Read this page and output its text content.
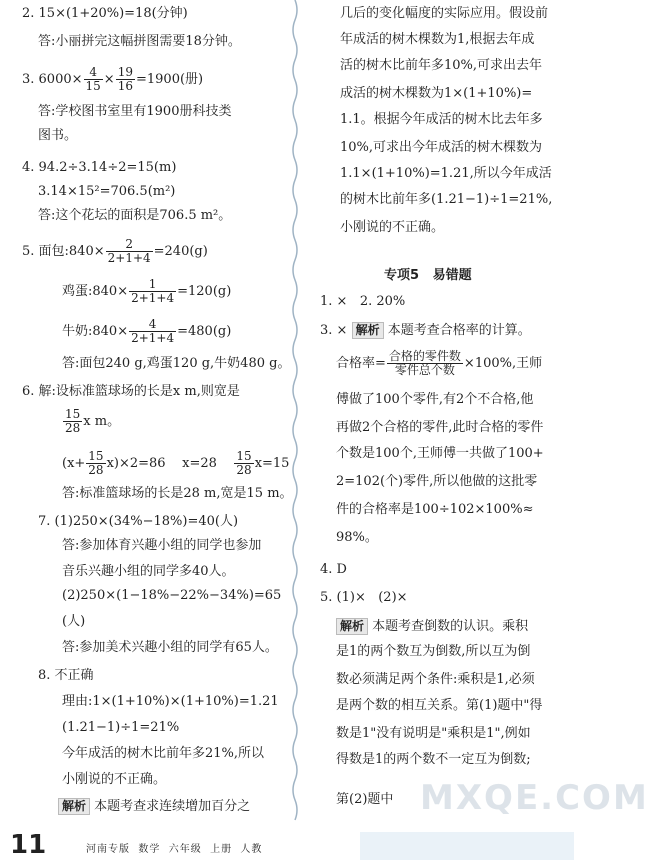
2. 15×(1+20%)=18(分钟)
答:小丽拼完这幅拼图需要18分钟。
3. $6000\times \frac{4}{15} \times \frac{19}{16} =1900$(册)
答:学校图书室里有1900册科技类
图书。
4. 94.2÷3.14÷2=15(m)
3.14×15²=706.5(m²)
答:这个花坛的面积是706.5 m²。
5. 面包:840× $\frac{2}{2+1+4} =240(g)$
鸡蛋:840× $\frac{1}{2+1+4} =120(g)$
牛奶:840× $\frac{4}{2+1+4} =480(g)$
答:面包240 g,鸡蛋120 g,牛奶480 g。
6. 解:设标准篮球场的长是x m,则宽是
$\frac{15}{28}$ x m。
$(x+ \frac{15}{28} x)\times 2=86$    $x=28 \frac{15}{28} x=15$
答:标准篮球场的长是28 m,宽是15 m。
7. (1)250×(34%−18%)=40(人)
答:参加体育兴趣小组的同学也参加
音乐兴趣小组的同学多40人。
(2)250×(1−18%−22%−34%)=65
(人)
答:参加美术兴趣小组的同学有65人。
8. 不正确
理由:1×(1+10%)×(1+10%)=1.21
(1.21−1)÷1=21%
今年成活的树木比前年多21%,所以
小刚说的不正确。
解析 本题考查求连续增加百分之
几后的变化幅度的实际应用。假设前
年成活的树木棵数为1,根据去年成
活的树木比前年多10%,可求出去年
成活的树木棵数为1×(1+10%)=
1.1。根据今年成活的树木比去年多
10%,可求出今年成活的树木棵数为
1.1×(1+10%)=1.21,所以今年成活
的树木比前年多(1.21−1)÷1=21%,
小刚说的不正确。
专项5   易错题
1. ×   2. 20%
3. × 解析 本题考查合格率的计算。
合格率= $\frac{\text{合格的零件数}}{\text{零件总个数}} \times 100\%$,王师
傅做了100个零件,有2个不合格,他
再做2个合格的零件,此时合格的零件
个数是100个,王师傅一共做了100+
2=102(个)零件,所以他做的这批零
件的合格率是100÷102×100%≈
98%。
4. D
5. (1)×   (2)×
解析 本题考查倒数的认识。乘积
是1的两个数互为倒数,所以互为倒
数必须满足两个条件:乘积是1,必须
是两个数的相互关系。第(1)题中"得
数是1"没有说明是"乘积是1",例如
得数是1的两个数不一定互为倒数;
第(2)题中 MXQE.COM
11	河南专版  数学  六年级  上册  人教
